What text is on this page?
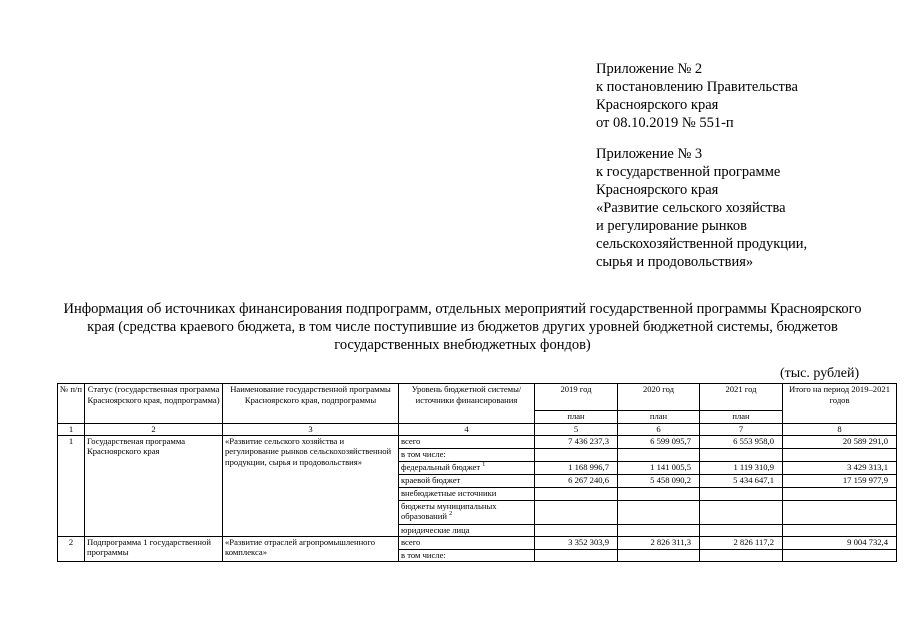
Приложение № 2
к постановлению Правительства
Красноярского края
от 08.10.2019 № 551-п
Приложение № 3
к государственной программе
Красноярского края
«Развитие сельского хозяйства
и регулирование рынков
сельскохозяйственной продукции,
сырья и продовольствия»
Информация об источниках финансирования подпрограмм, отдельных мероприятий государственной программы Красноярского края (средства краевого бюджета, в том числе поступившие из бюджетов других уровней бюджетной системы, бюджетов государственных внебюджетных фондов)
(тыс. рублей)
№ п/п	Статус (государственная программа Красноярского края, подпрограмма)	Наименование государственной программы Красноярского края, подпрограммы	Уровень бюджетной системы/источники финансирования	2019 год	2020 год	2021 год	Итого на период 2019–2021 годов
				план	план	план	
1	2	3	4	5	6	7	8
1	Государственая программа Красноярского края	«Развитие сельского хозяйства и регулирование рынков сельскохозяйственной продукции, сырья и продовольствия»	всего	7 436 237,3	6 599 095,7	6 553 958,0	20 589 291,0
			в том числе:				
			федеральный бюджет $^1$	1 168 996,7	1 141 005,5	1 119 310,9	3 429 313,1
			краевой бюджет	6 267 240,6	5 458 090,2	5 434 647,1	17 159 977,9
			внебюджетные источники				
			бюджеты муниципальных образований $^2$				
			юридические лица				
2	Подпрограмма 1 государственной программы	«Развитие отраслей агропромышленного комплекса»	всего	3 352 303,9	2 826 311,3	2 826 117,2	9 004 732,4
			в том числе:				
